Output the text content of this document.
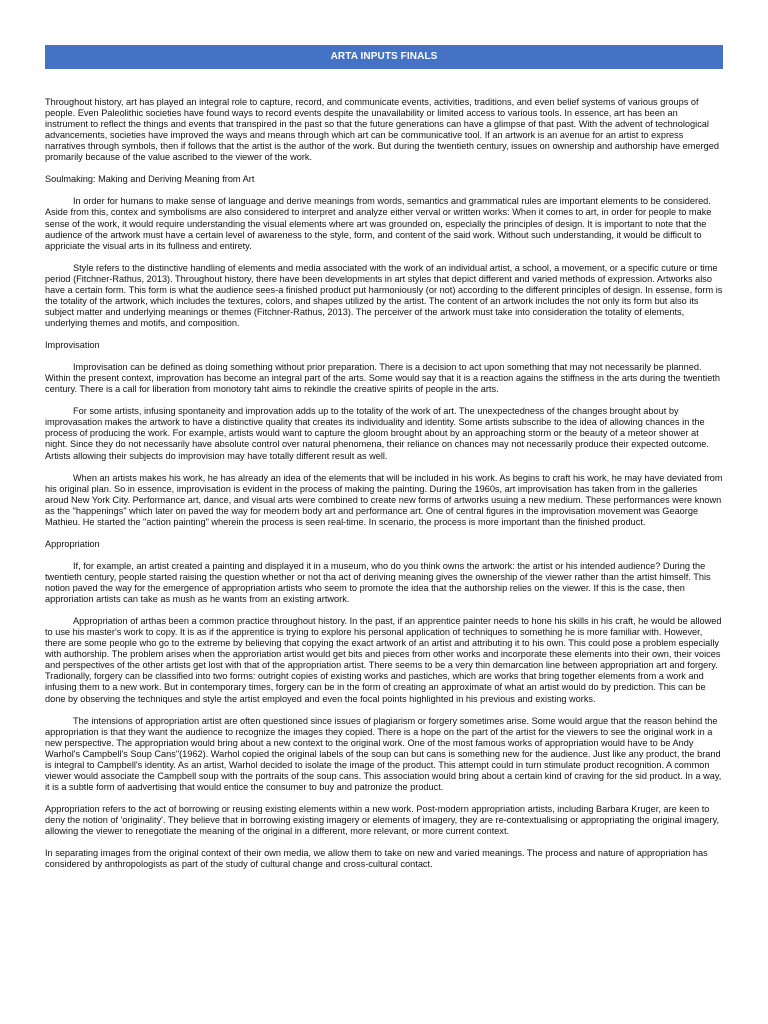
ARTA INPUTS FINALS

Throughout history, art has played an integral role to capture, record, and communicate events, activities, traditions, and even belief systems of various groups of people. Even Paleolithic societies have found ways to record events despite the unavailability or limited access to various tools. In essence, art has been an instrument to reflect the things and events that transpired in the past so that the future generations can have a glimpse of that past. With the advent of technological advancements, societies have improved the ways and means through which art can be communicative tool. If an artwork is an avenue for an artist to express narratives through symbols, then if follows that the artist is the author of the work. But during the twentieth century, issues on ownership and authorship have emerged promarily because of the value ascribed to the viewer of the work.

Soulmaking: Making and Deriving Meaning from Art

In order for humans to make sense of language and derive meanings from words, semantics and grammatical rules are important elements to be considered. Aside from this, contex and symbolisms are also considered to interpret and analyze either verval or written works: When it comes to art, in order for people to make sense of the work, it would require understanding the visual elements where art was grounded on, especially the principles of design. It is important to note that the audience of the artwork must have a certain level of awareness to the style, form, and content of the said work. Without such understanding, it would be difficult to appriciate the visual arts in its fullness and entirety.

Style refers to the distinctive handling of elements and media associated with the work of an individual artist, a school, a movement, or a specific cuture or time period (Fitchner-Rathus, 2013). Throughout history, there have been developments in art styles that depict different and varied methods of expression. Artworks also have a certain form. This form is what the audience sees-a finished product put harmoniously (or not) according to the different principles of design. In essense, form is the totality of the artwork, which includes the textures, colors, and shapes utilized by the artist. The content of an artwork includes the not only its form but also its subject matter and underlying meanings or themes (Fitchner-Rathus, 2013). The perceiver of the artwork must take into consideration the totality of elements, underlying themes and motifs, and composition.

Improvisation

Improvisation can be defined as doing something without prior preparation. There is a decision to act upon something that may not necessarily be planned. Within the present context, improvation has become an integral part of the arts. Some would say that it is a reaction agains the stiffness in the arts during the twentieth century. There is a call for liberation from monotory taht aims to rekindle the creative spirits of people in the arts.

For some artists, infusing spontaneity and improvation adds up to the totality of the work of art. The unexpectedness of the changes brought about by improvasation makes the artwork to have a distinctive quality that creates its individuality and identity. Some artists subscribe to the idea of allowing chances in the process of producing the work. For example, artists would want to capture the gloom brought about by an approaching storm or the beauty of a meteor shower at night. Since they do not necessarily have absolute control over natural phenomena, their reliance on chances may not necessarily produce their expected outcome. Artists allowing their subjects do improvision may have totally different result as well.

When an artists makes his work, he has already an idea of the elements that will be included in his work. As begins to craft his work, he may have deviated from his original plan. So in essence, improvisation is evident in the process of making the painting. During the 1960s, art improvisation has taken from in the galleries aroud New York City. Performance art, dance, and visual arts were combined to create new forms of artworks usuing a new medium. These performances were known as the "happenings" which later on paved the way for meodern body art and performance art. One of central figures in the improvisation movement was Geaorge Mathieu. He started the "action painting" wherein the process is seen real-time. In scenario, the process is more important than the finished product.

Appropriation

If, for example, an artist created a painting and displayed it in a museum, who do you think owns the artwork: the artist or his intended audience? During the twentieth century, people started raising the question whether or not tha act of deriving meaning gives the ownership of the viewer rather than the artist himself. This notion paved the way for the emergence of appropriation artists who seem to promote the idea that the authorship relies on the viewer. If this is the case, then approriation artists can take as mush as he wants from an existing artwork.

Appropriation of arthas been a common practice throughout history. In the past, if an apprentice painter needs to hone his skills in his craft, he would be allowed to use his master's work to copy. It is as if the apprentice is trying to explore his personal application of techniques to something he is more familiar with. However, there are some people who go to the extreme by believing that copying the exact artwork of an artist and attributing it to his own. This could pose a problem especially with authorship. The problem arises when the approriation artist would get bits and pieces from other works and incorporate these elements into their own, their voices and perspectives of the other artists get lost with that of the appropriation artist. There seems to be a very thin demarcation line between appropriation art and forgery. Tradionally, forgery can be classified into two forms: outright copies of existing works and pastiches, which are works that bring together elements from a work and infusing them to a new work. But in contemporary times, forgery can be in the form of creating an approximate of what an artist would do by prediction. This can be done by observing the techniques and style the artist employed and even the focal points highlighted in his previous and existing works.

The intensions of appropriation artist are often questioned since issues of plagiarism or forgery sometimes arise. Some would argue that the reason behind the appropriation is that they want the audience to recognize the images they copied. There is a hope on the part of the artist for the viewers to see the original work in a new perspective. The appropriation would bring about a new context to the original work. One of the most famous works of appropriation would have to be Andy Warhol's Campbell's Soup Cans"(1962). Warhol copied the original labels of the soup can but cans is something new for the audience. Just like any product, the brand is integral to Campbell's identity. As an artist, Warhol decided to isolate the image of the product. This attempt could in turn stimulate product recognition. A common viewer would associate the Campbell soup with the portraits of the soup cans. This association would bring about a certain kind of craving for the sid product. In a way, it is a subtle form of aadvertising that would entice the consumer to buy and patronize the product.

Appropriation refers to the act of borrowing or reusing existing elements within a new work. Post-modern appropriation artists, including Barbara Kruger, are keen to deny the notion of 'originality'. They believe that in borrowing existing imagery or elements of imagery, they are re-contextualising or appropriating the original imagery, allowing the viewer to renegotiate the meaning of the original in a different, more relevant, or more current context.

In separating images from the original context of their own media, we allow them to take on new and varied meanings. The process and nature of appropriation has considered by anthropologists as part of the study of cultural change and cross-cultural contact.
